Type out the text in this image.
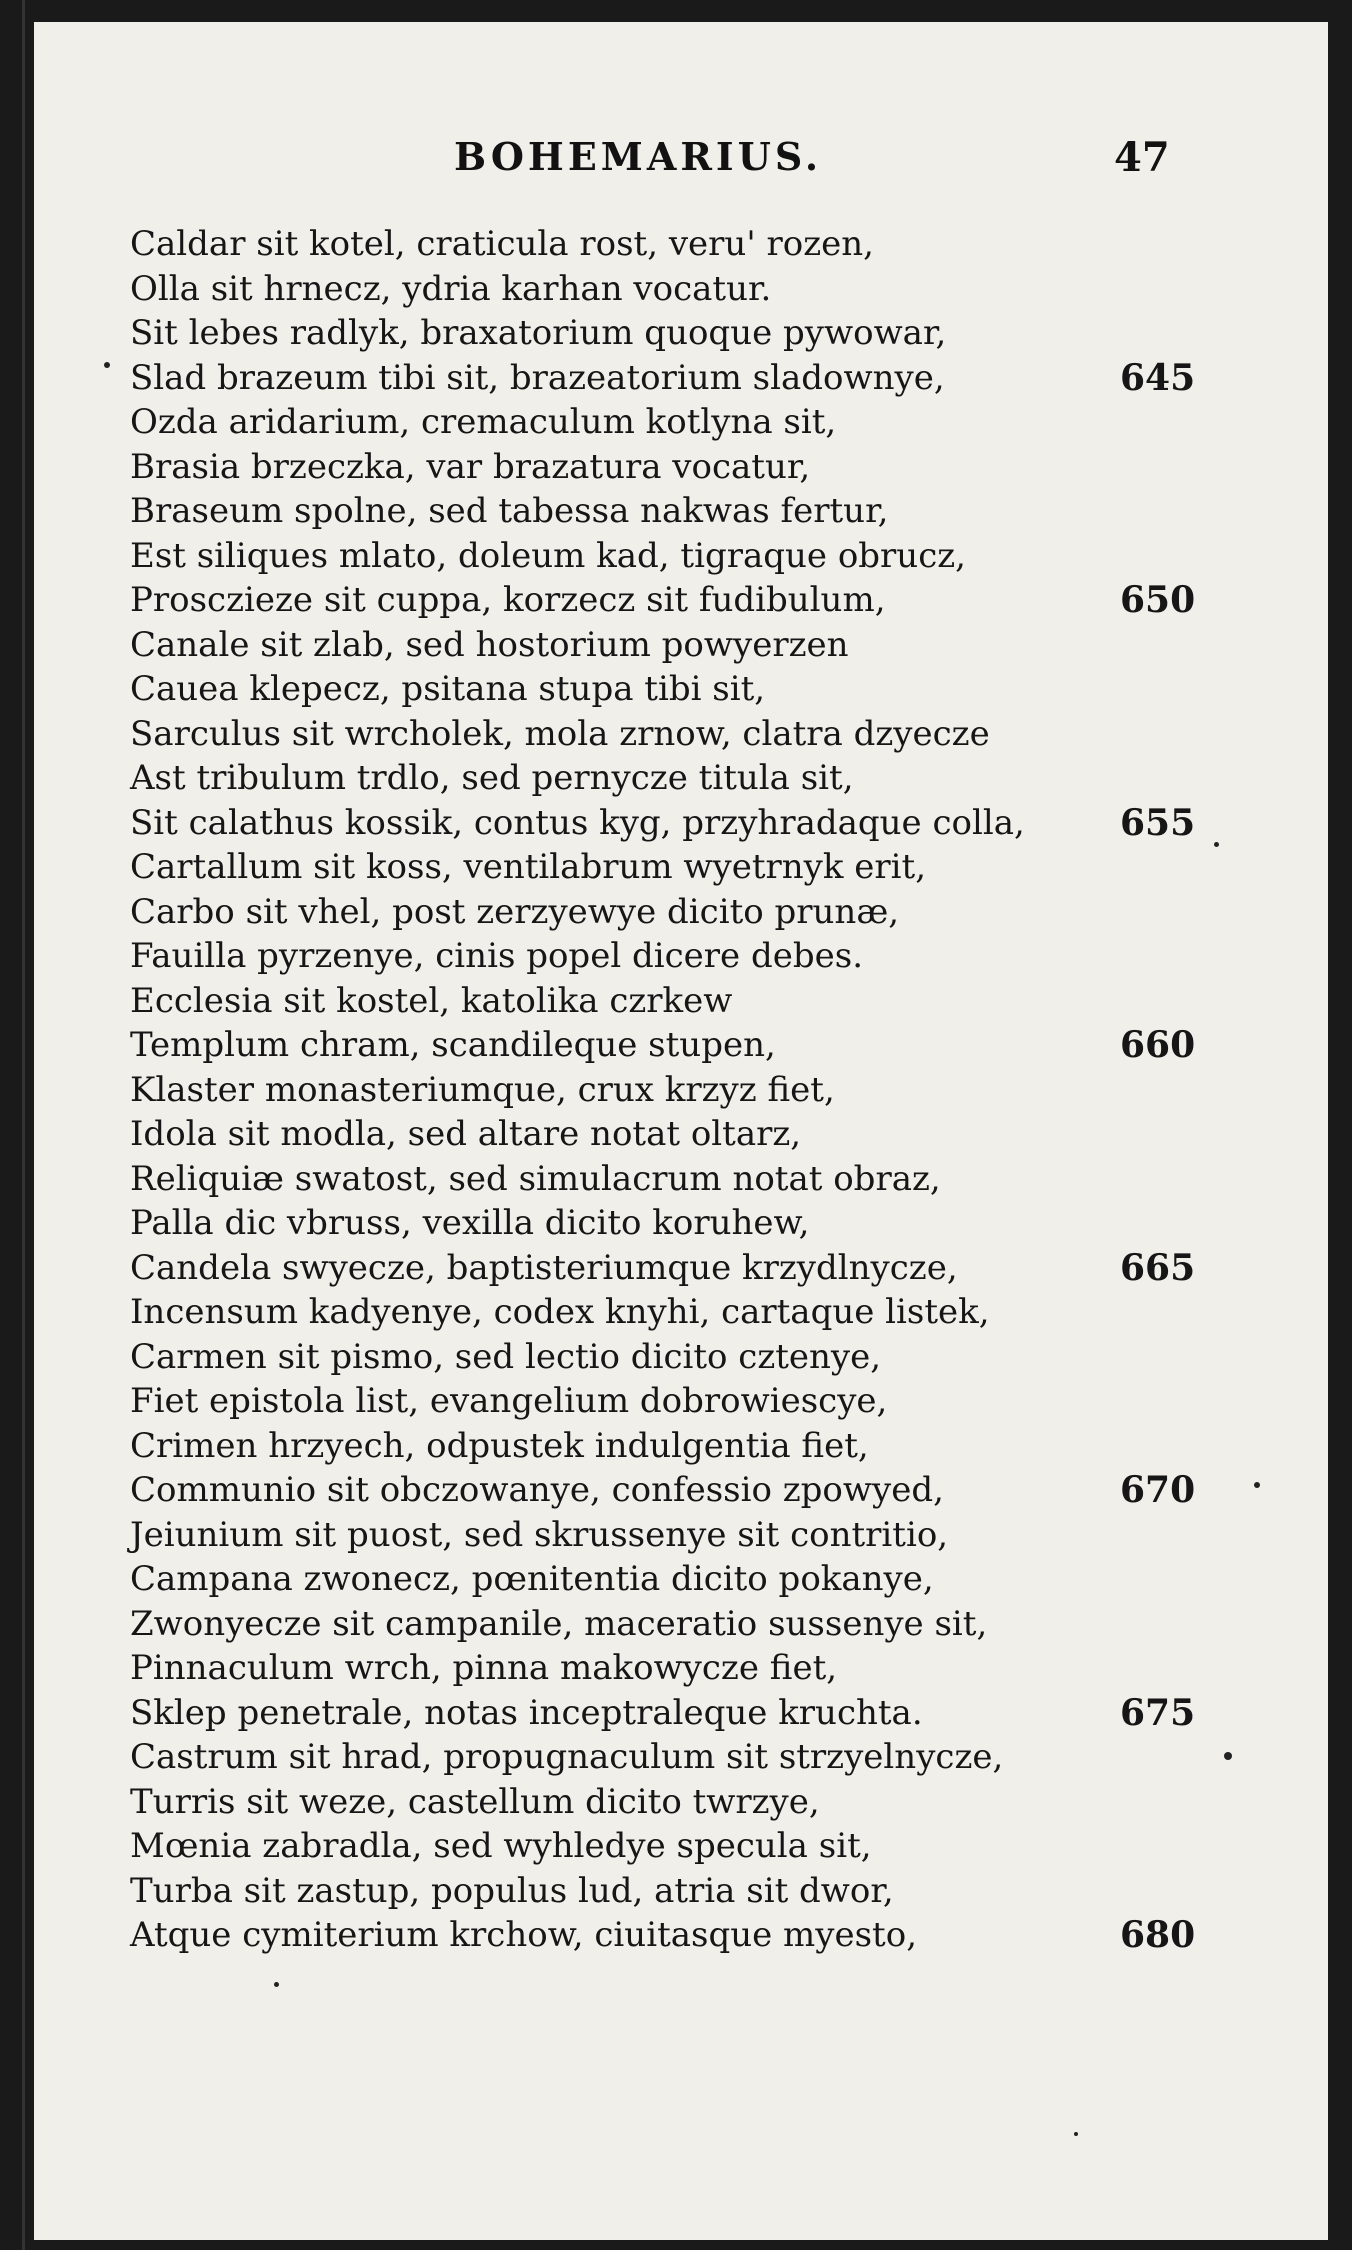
BOHEMARIUS.	47
Caldar sit kotel, craticula rost, veru' rozen,
Olla sit hrnecz, ydria karhan vocatur.
Sit lebes radlyk, braxatorium quoque pywowar,
Slad brazeum tibi sit, brazeatorium sladownye,	645
Ozda aridarium, cremaculum kotlyna sit,
Brasia brzeczka, var brazatura vocatur,
Braseum spolne, sed tabessa nakwas fertur,
Est siliques mlato, doleum kad, tigraque obrucz,
Prosczieze sit cuppa, korzecz sit fudibulum,	650
Canale sit zlab, sed hostorium powyerzen
Cauea klepecz, psitana stupa tibi sit,
Sarculus sit wrcholek, mola zrnow, clatra dzyecze
Ast tribulum trdlo, sed pernycze titula sit,
Sit calathus kossik, contus kyg, przyhradaque colla,	655
Cartallum sit koss, ventilabrum wyetrnyk erit,
Carbo sit vhel, post zerzyewye dicito prunæ,
Fauilla pyrzenye, cinis popel dicere debes.
Ecclesia sit kostel, katolika czrkew
Templum chram, scandileque stupen,	660
Klaster monasteriumque, crux krzyz fiet,
Idola sit modla, sed altare notat oltarz,
Reliquiæ swatost, sed simulacrum notat obraz,
Palla dic vbruss, vexilla dicito koruhew,
Candela swyecze, baptisteriumque krzydlnycze,	665
Incensum kadyenye, codex knyhi, cartaque listek,
Carmen sit pismo, sed lectio dicito cztenye,
Fiet epistola list, evangelium dobrowiescye,
Crimen hrzyech, odpustek indulgentia fiet,
Communio sit obczowanye, confessio zpowyed,	670
Jeiunium sit puost, sed skrussenye sit contritio,
Campana zwonecz, pœnitentia dicito pokanye,
Zwonyecze sit campanile, maceratio sussenye sit,
Pinnaculum wrch, pinna makowycze fiet,
Sklep penetrale, notas inceptraleque kruchta.	675
Castrum sit hrad, propugnaculum sit strzyelnycze,
Turris sit weze, castellum dicito twrzye,
Mœnia zabradla, sed wyhledye specula sit,
Turba sit zastup, populus lud, atria sit dwor,
Atque cymiterium krchow, ciuitasque myesto,	680
